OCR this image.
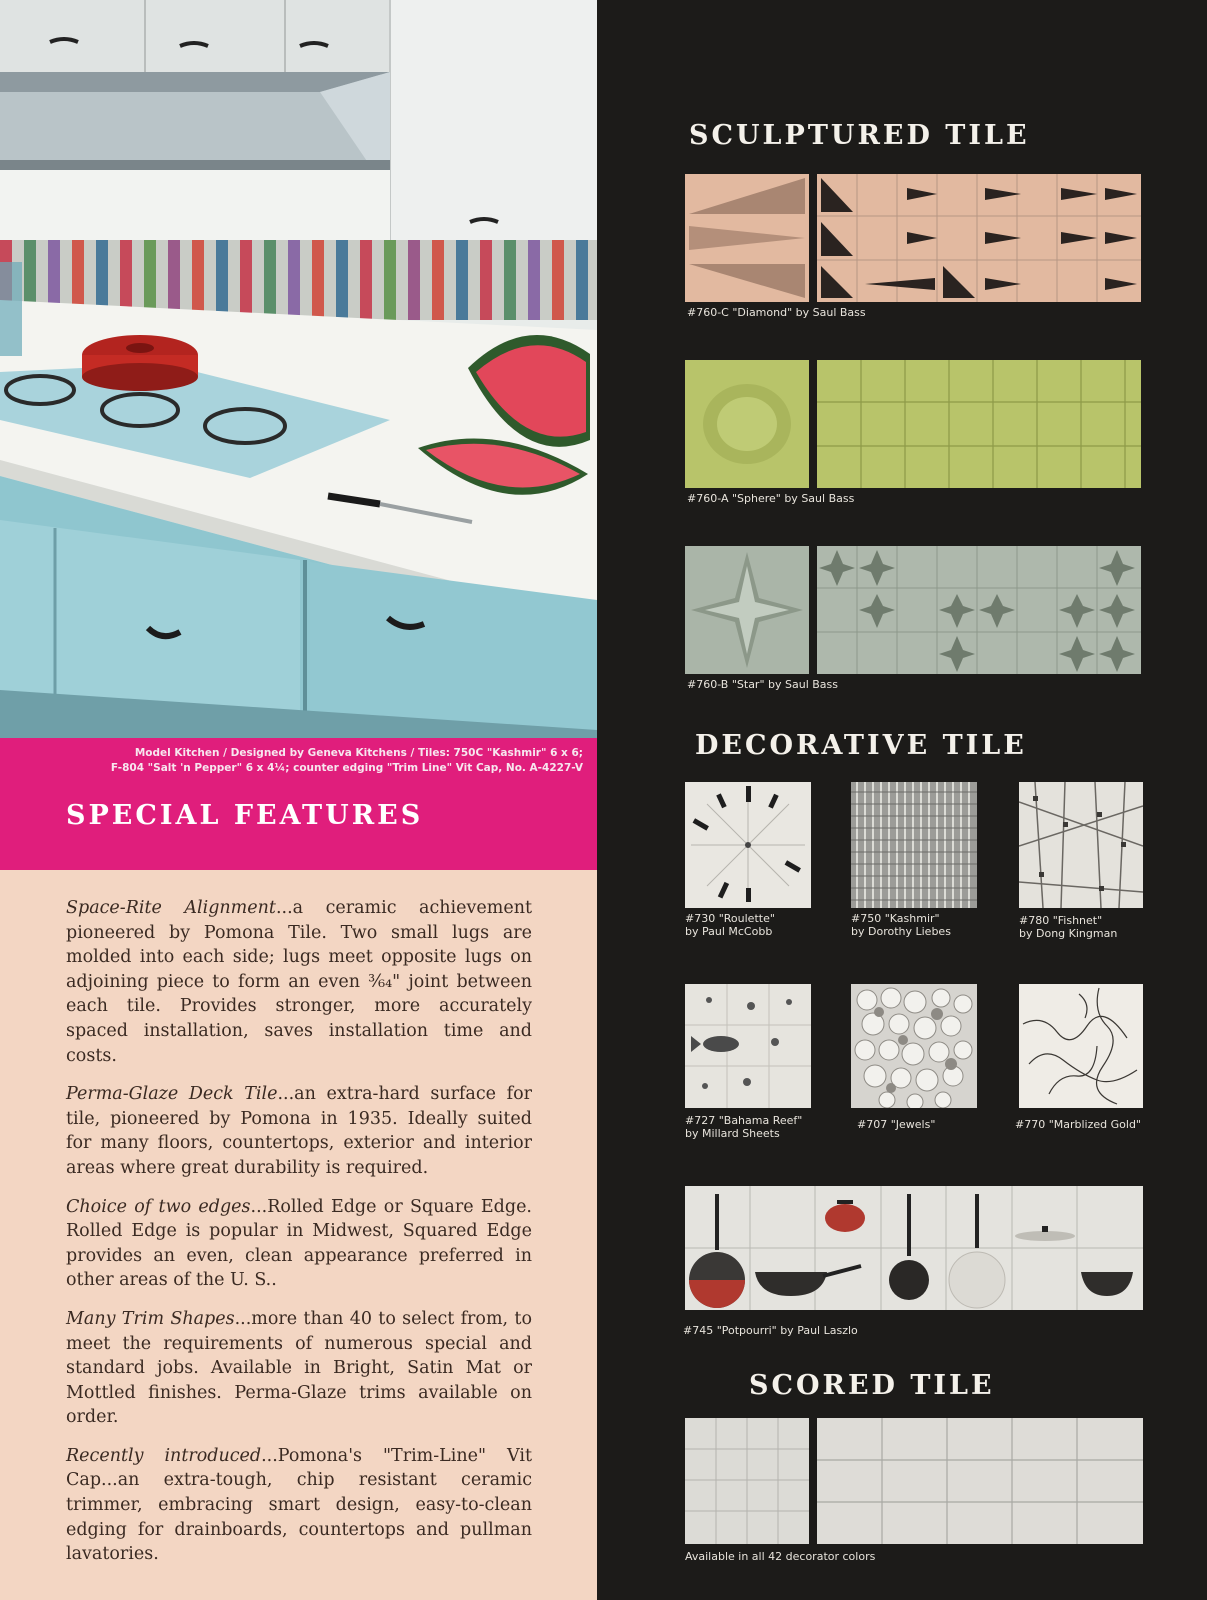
Model Kitchen / Designed by Geneva Kitchens / Tiles: 750C "Kashmir" 6 x 6;
F-804 "Salt 'n Pepper" 6 x 4¼; counter edging "Trim Line" Vit Cap, No. A-4227-V
SPECIAL FEATURES

Space-Rite Alignment...a ceramic achievement pioneered by Pomona Tile. Two small lugs are molded into each side; lugs meet opposite lugs on adjoining piece to form an even ³⁄₆₄" joint between each tile. Provides stronger, more accurately spaced installation, saves installation time and costs.

Perma-Glaze Deck Tile...an extra-hard surface for tile, pioneered by Pomona in 1935. Ideally suited for many floors, countertops, exterior and interior areas where great durability is required.

Choice of two edges...Rolled Edge or Square Edge. Rolled Edge is popular in Midwest, Squared Edge provides an even, clean appearance preferred in other areas of the U. S..

Many Trim Shapes...more than 40 to select from, to meet the requirements of numerous special and standard jobs. Available in Bright, Satin Mat or Mottled finishes. Perma-Glaze trims available on order.

Recently introduced...Pomona's "Trim-Line" Vit Cap...an extra-tough, chip resistant ceramic trimmer, embracing smart design, easy-to-clean edging for drainboards, countertops and pullman lavatories.

SCULPTURED TILE
#760-C "Diamond" by Saul Bass
#760-A "Sphere" by Saul Bass
#760-B "Star" by Saul Bass
DECORATIVE TILE
#730 "Roulette"
by Paul McCobb
#750 "Kashmir"
by Dorothy Liebes
#780 "Fishnet"
by Dong Kingman
#727 "Bahama Reef"
by Millard Sheets
#707 "Jewels"	#770 "Marblized Gold"
#745 "Potpourri" by Paul Laszlo
SCORED TILE
Available in all 42 decorator colors
